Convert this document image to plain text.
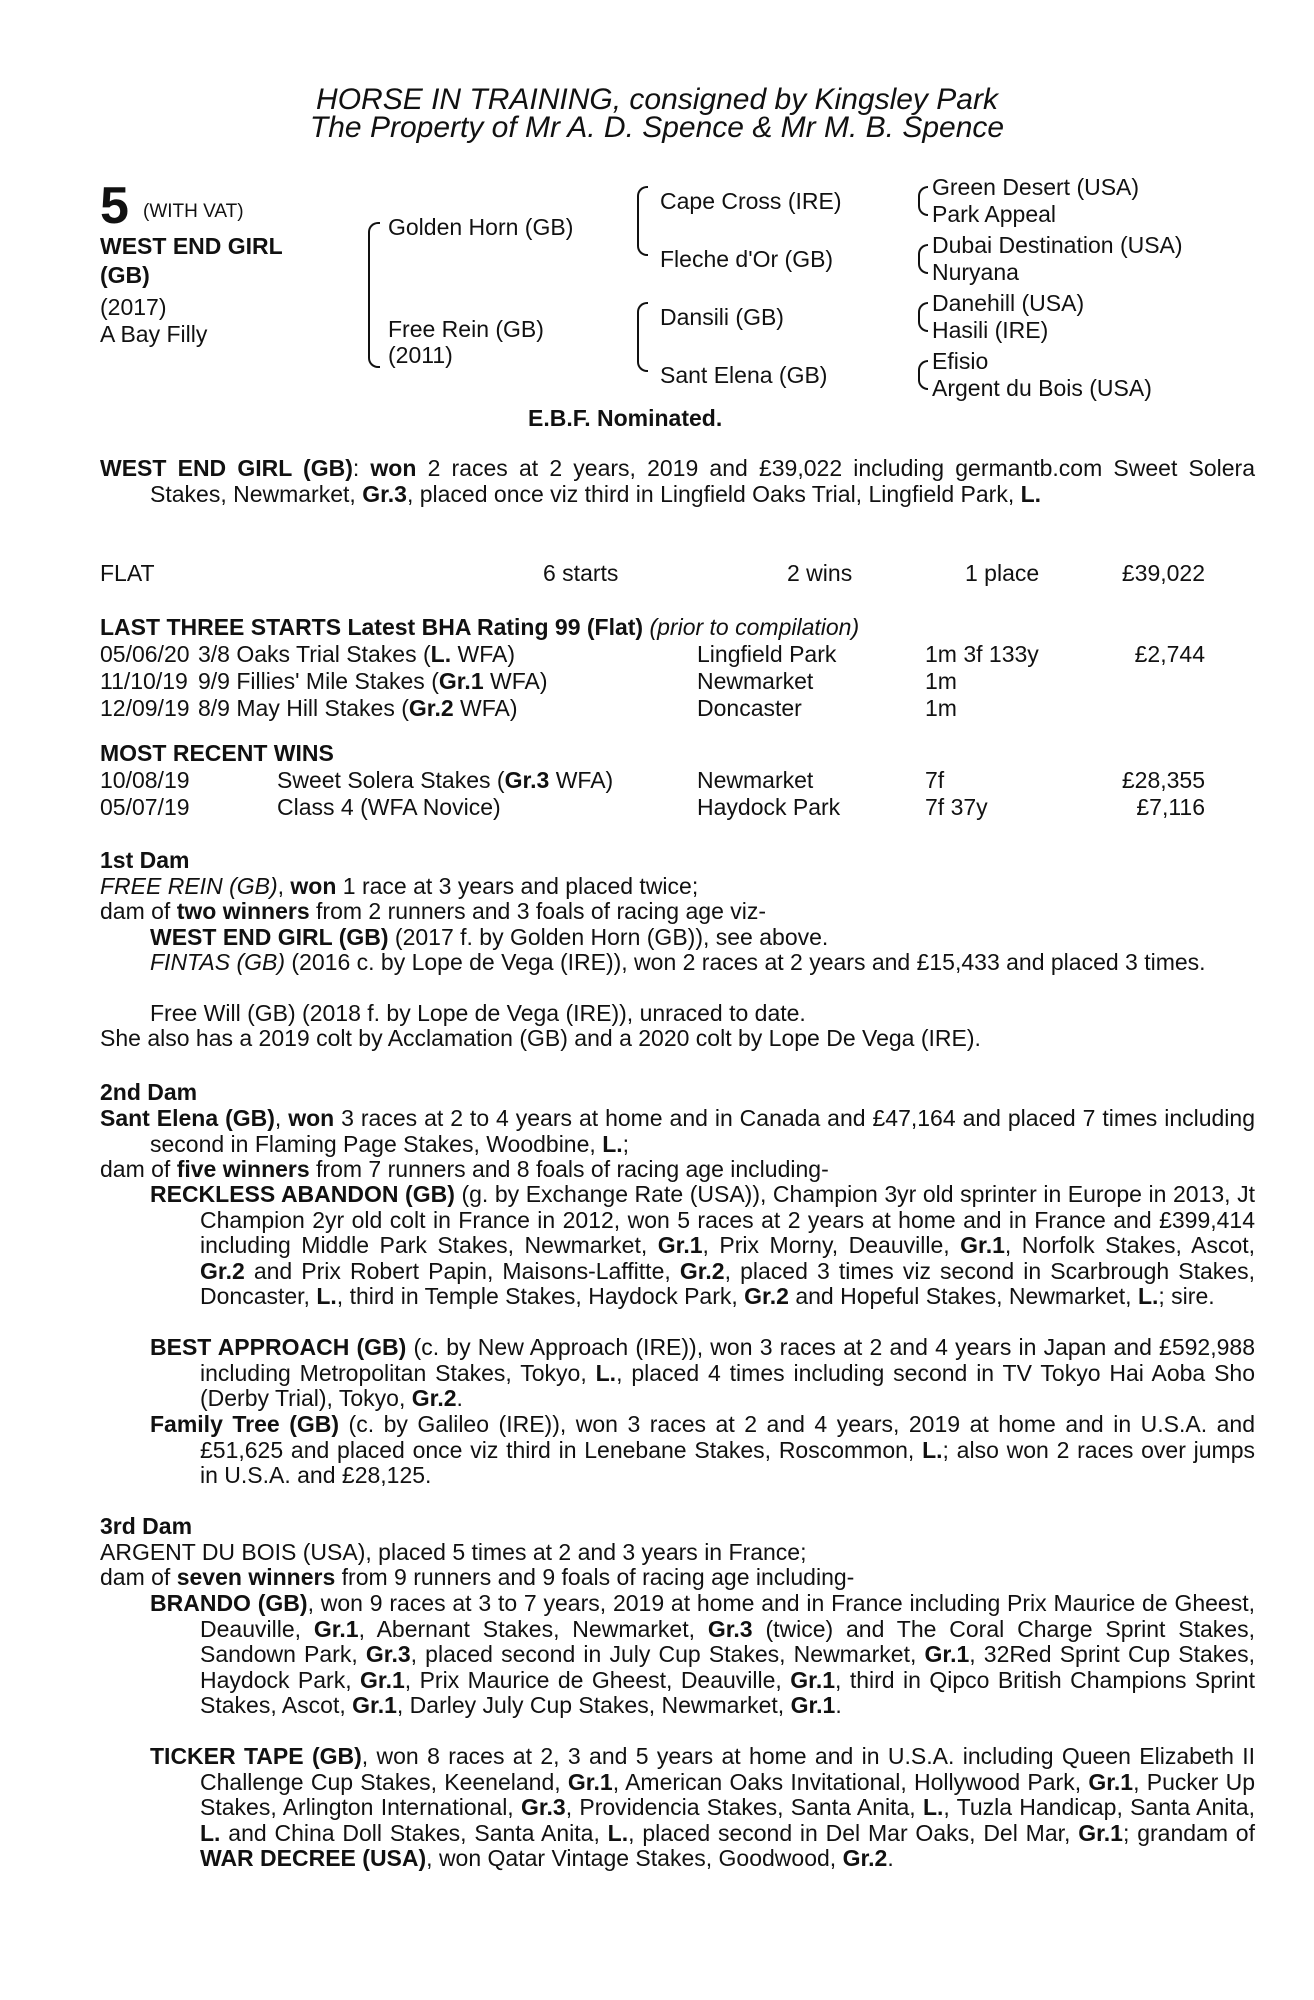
HORSE IN TRAINING, consigned by Kingsley Park
The Property of Mr A. D. Spence & Mr M. B. Spence
5 (WITH VAT)
WEST END GIRL
(GB)
(2017)
A Bay Filly
Golden Horn (GB)
Free Rein (GB)
(2011)
Cape Cross (IRE)
Fleche d'Or (GB)
Dansili (GB)
Sant Elena (GB)
Green Desert (USA)
Park Appeal
Dubai Destination (USA)
Nuryana
Danehill (USA)
Hasili (IRE)
Efisio
Argent du Bois (USA)
E.B.F. Nominated.
WEST END GIRL (GB): won 2 races at 2 years, 2019 and £39,022 including germantb.com Sweet Solera Stakes, Newmarket, Gr.3, placed once viz third in Lingfield Oaks Trial, Lingfield Park, L.
FLAT	6 starts	2 wins	1 place	£39,022
LAST THREE STARTS Latest BHA Rating 99 (Flat) (prior to compilation)
05/06/20 3/8 Oaks Trial Stakes (L. WFA)	Lingfield Park	1m 3f 133y	£2,744
11/10/19 9/9 Fillies' Mile Stakes (Gr.1 WFA)	Newmarket	1m
12/09/19 8/9 May Hill Stakes (Gr.2 WFA)	Doncaster	1m
MOST RECENT WINS
10/08/19	Sweet Solera Stakes (Gr.3 WFA)	Newmarket	7f	£28,355
05/07/19	Class 4 (WFA Novice)	Haydock Park	7f 37y	£7,116
1st Dam
FREE REIN (GB), won 1 race at 3 years and placed twice;
dam of two winners from 2 runners and 3 foals of racing age viz-
WEST END GIRL (GB) (2017 f. by Golden Horn (GB)), see above.
FINTAS (GB) (2016 c. by Lope de Vega (IRE)), won 2 races at 2 years and £15,433 and placed 3 times.
Free Will (GB) (2018 f. by Lope de Vega (IRE)), unraced to date.
She also has a 2019 colt by Acclamation (GB) and a 2020 colt by Lope De Vega (IRE).
2nd Dam
Sant Elena (GB), won 3 races at 2 to 4 years at home and in Canada and £47,164 and placed 7 times including second in Flaming Page Stakes, Woodbine, L.;
dam of five winners from 7 runners and 8 foals of racing age including-
RECKLESS ABANDON (GB) (g. by Exchange Rate (USA)), Champion 3yr old sprinter in Europe in 2013, Jt Champion 2yr old colt in France in 2012, won 5 races at 2 years at home and in France and £399,414 including Middle Park Stakes, Newmarket, Gr.1, Prix Morny, Deauville, Gr.1, Norfolk Stakes, Ascot, Gr.2 and Prix Robert Papin, Maisons-Laffitte, Gr.2, placed 3 times viz second in Scarbrough Stakes, Doncaster, L., third in Temple Stakes, Haydock Park, Gr.2 and Hopeful Stakes, Newmarket, L.; sire.
BEST APPROACH (GB) (c. by New Approach (IRE)), won 3 races at 2 and 4 years in Japan and £592,988 including Metropolitan Stakes, Tokyo, L., placed 4 times including second in TV Tokyo Hai Aoba Sho (Derby Trial), Tokyo, Gr.2.
Family Tree (GB) (c. by Galileo (IRE)), won 3 races at 2 and 4 years, 2019 at home and in U.S.A. and £51,625 and placed once viz third in Lenebane Stakes, Roscommon, L.; also won 2 races over jumps in U.S.A. and £28,125.
3rd Dam
ARGENT DU BOIS (USA), placed 5 times at 2 and 3 years in France;
dam of seven winners from 9 runners and 9 foals of racing age including-
BRANDO (GB), won 9 races at 3 to 7 years, 2019 at home and in France including Prix Maurice de Gheest, Deauville, Gr.1, Abernant Stakes, Newmarket, Gr.3 (twice) and The Coral Charge Sprint Stakes, Sandown Park, Gr.3, placed second in July Cup Stakes, Newmarket, Gr.1, 32Red Sprint Cup Stakes, Haydock Park, Gr.1, Prix Maurice de Gheest, Deauville, Gr.1, third in Qipco British Champions Sprint Stakes, Ascot, Gr.1, Darley July Cup Stakes, Newmarket, Gr.1.
TICKER TAPE (GB), won 8 races at 2, 3 and 5 years at home and in U.S.A. including Queen Elizabeth II Challenge Cup Stakes, Keeneland, Gr.1, American Oaks Invitational, Hollywood Park, Gr.1, Pucker Up Stakes, Arlington International, Gr.3, Providencia Stakes, Santa Anita, L., Tuzla Handicap, Santa Anita, L. and China Doll Stakes, Santa Anita, L., placed second in Del Mar Oaks, Del Mar, Gr.1; grandam of WAR DECREE (USA), won Qatar Vintage Stakes, Goodwood, Gr.2.
